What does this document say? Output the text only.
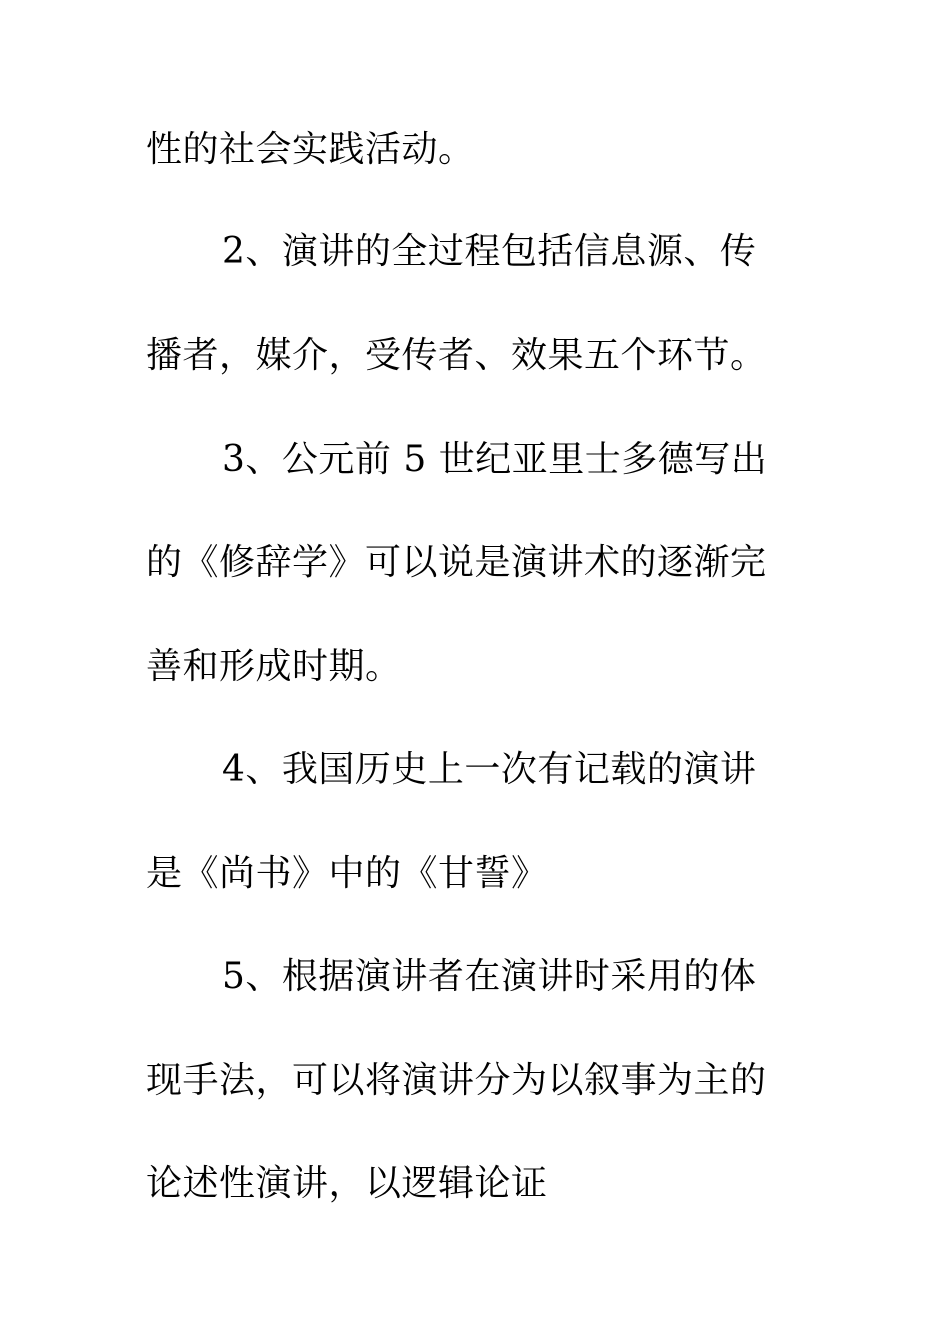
性的社会实践活动。
2、演讲的全过程包括信息源、传
播者，媒介，受传者、效果五个环节。
3、公元前 5 世纪亚里士多德写出
的《修辞学》可以说是演讲术的逐渐完
善和形成时期。
4、我国历史上一次有记载的演讲
是《尚书》中的《甘誓》
5、根据演讲者在演讲时采用的体
现手法，可以将演讲分为以叙事为主的
论述性演讲，以逻辑论证
